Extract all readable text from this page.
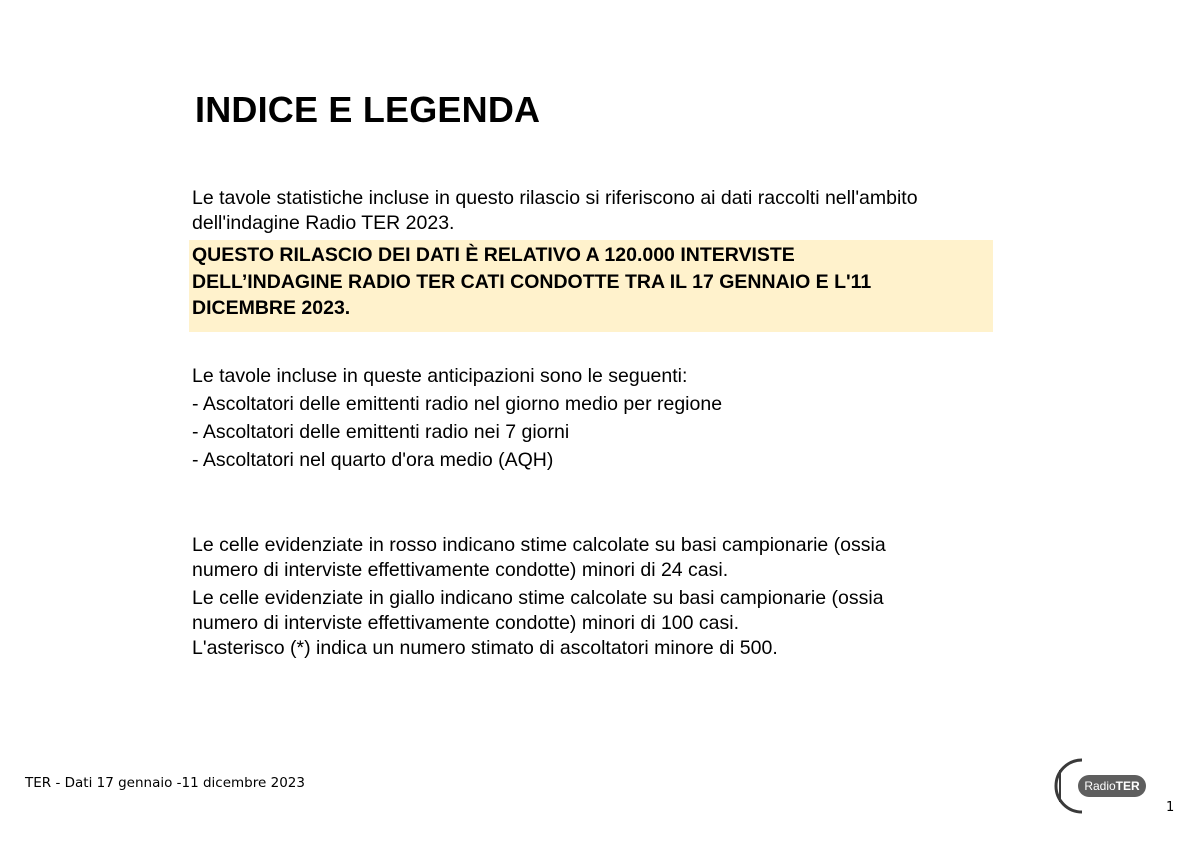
INDICE E LEGENDA
Le tavole statistiche incluse in questo rilascio si riferiscono ai dati raccolti nell'ambito
dell'indagine Radio TER 2023.
QUESTO RILASCIO DEI DATI È RELATIVO A 120.000 INTERVISTE
DELL’INDAGINE RADIO TER CATI CONDOTTE TRA IL 17 GENNAIO E L'11
DICEMBRE 2023.
Le tavole incluse in queste anticipazioni sono le seguenti:
- Ascoltatori delle emittenti radio nel giorno medio per regione
- Ascoltatori delle emittenti radio nei 7 giorni
- Ascoltatori nel quarto d'ora medio (AQH)
Le celle evidenziate in rosso indicano stime calcolate su basi campionarie (ossia
numero di interviste effettivamente condotte) minori di 24 casi.
Le celle evidenziate in giallo indicano stime calcolate su basi campionarie (ossia
numero di interviste effettivamente condotte) minori di 100 casi.
L'asterisco (*) indica un numero stimato di ascoltatori minore di 500.
TER - Dati 17 gennaio -11 dicembre 2023	RadioTER
1
